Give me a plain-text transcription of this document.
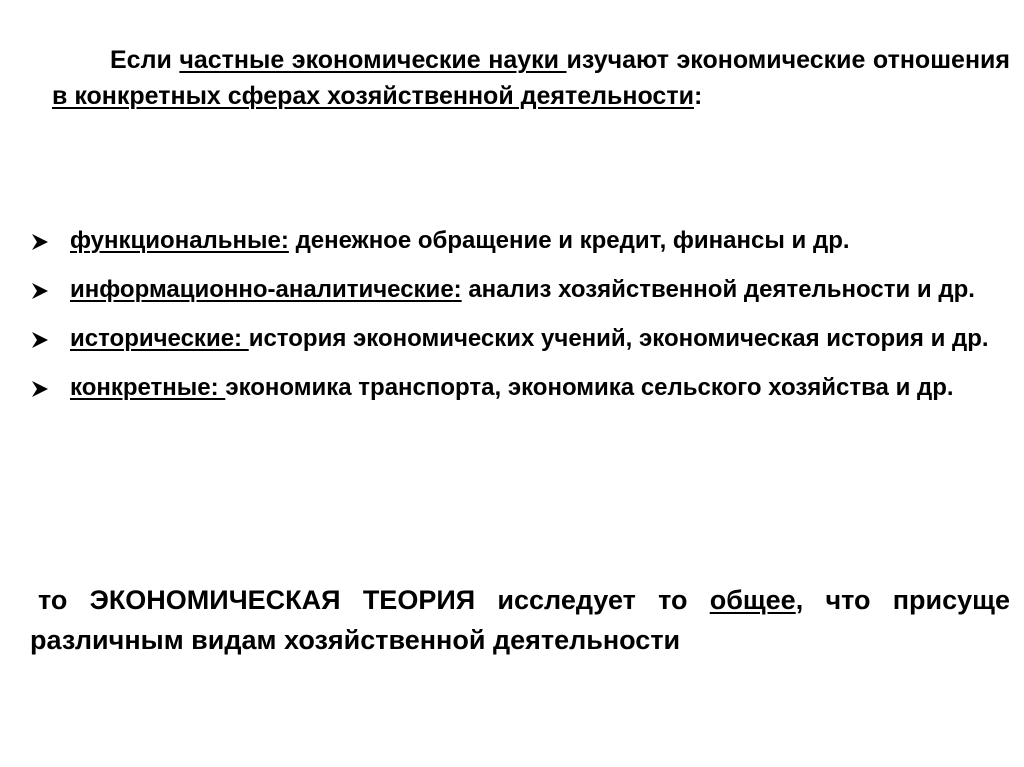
Если частные экономические науки изучают экономические отношения в конкретных сферах хозяйственной деятельности:

функциональные: денежное обращение и кредит, финансы и др.
информационно-аналитические: анализ хозяйственной деятельности и др.
исторические: история экономических учений, экономическая история и др.
конкретные: экономика транспорта, экономика сельского хозяйства и др.

то ЭКОНОМИЧЕСКАЯ ТЕОРИЯ исследует то общее, что присуще различным видам хозяйственной деятельности
